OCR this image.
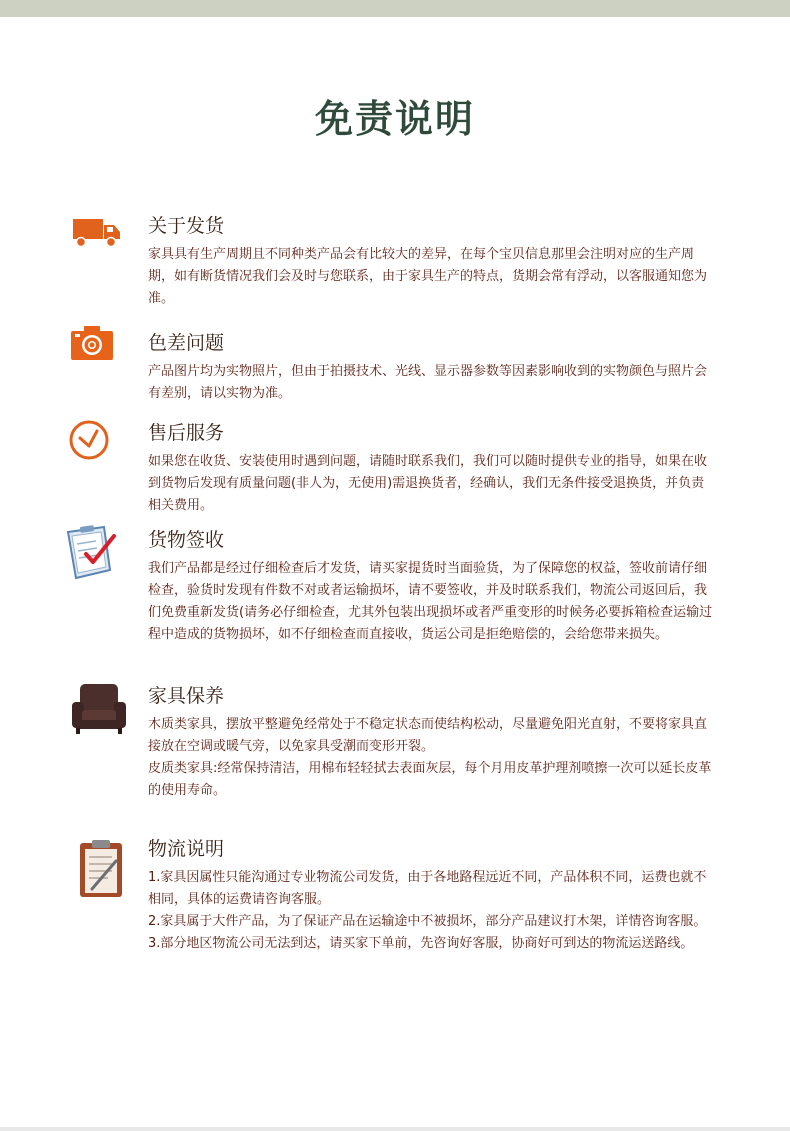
免责说明
关于发货

家具具有生产周期且不同种类产品会有比较大的差异，在每个宝贝信息那里会注明对应的生产周期，如有断货情况我们会及时与您联系，由于家具生产的特点，货期会常有浮动，以客服通知您为准。

色差问题

产品图片均为实物照片，但由于拍摄技术、光线、显示器参数等因素影响收到的实物颜色与照片会有差别，请以实物为准。

售后服务

如果您在收货、安装使用时遇到问题，请随时联系我们，我们可以随时提供专业的指导，如果在收到货物后发现有质量问题(非人为，无使用)需退换货者，经确认，我们无条件接受退换货，并负责相关费用。

货物签收

我们产品都是经过仔细检查后才发货，请买家提货时当面验货，为了保障您的权益，签收前请仔细检查，验货时发现有件数不对或者运输损坏，请不要签收，并及时联系我们，物流公司返回后，我们免费重新发货(请务必仔细检查，尤其外包装出现损坏或者严重变形的时候务必要拆箱检查运输过程中造成的货物损坏，如不仔细检查而直接收，货运公司是拒绝赔偿的，会给您带来损失。

家具保养

木质类家具，摆放平整避免经常处于不稳定状态而使结构松动，尽量避免阳光直射，不要将家具直接放在空调或暖气旁，以免家具受潮而变形开裂。

皮质类家具:经常保持清洁，用棉布轻轻拭去表面灰层，每个月用皮革护理剂喷擦一次可以延长皮革的使用寿命。

物流说明

1.家具因属性只能沟通过专业物流公司发货，由于各地路程远近不同，产品体积不同，运费也就不相同，具体的运费请咨询客服。

2.家具属于大件产品，为了保证产品在运输途中不被损坏，部分产品建议打木架，详情咨询客服。

3.部分地区物流公司无法到达，请买家下单前，先咨询好客服，协商好可到达的物流运送路线。
